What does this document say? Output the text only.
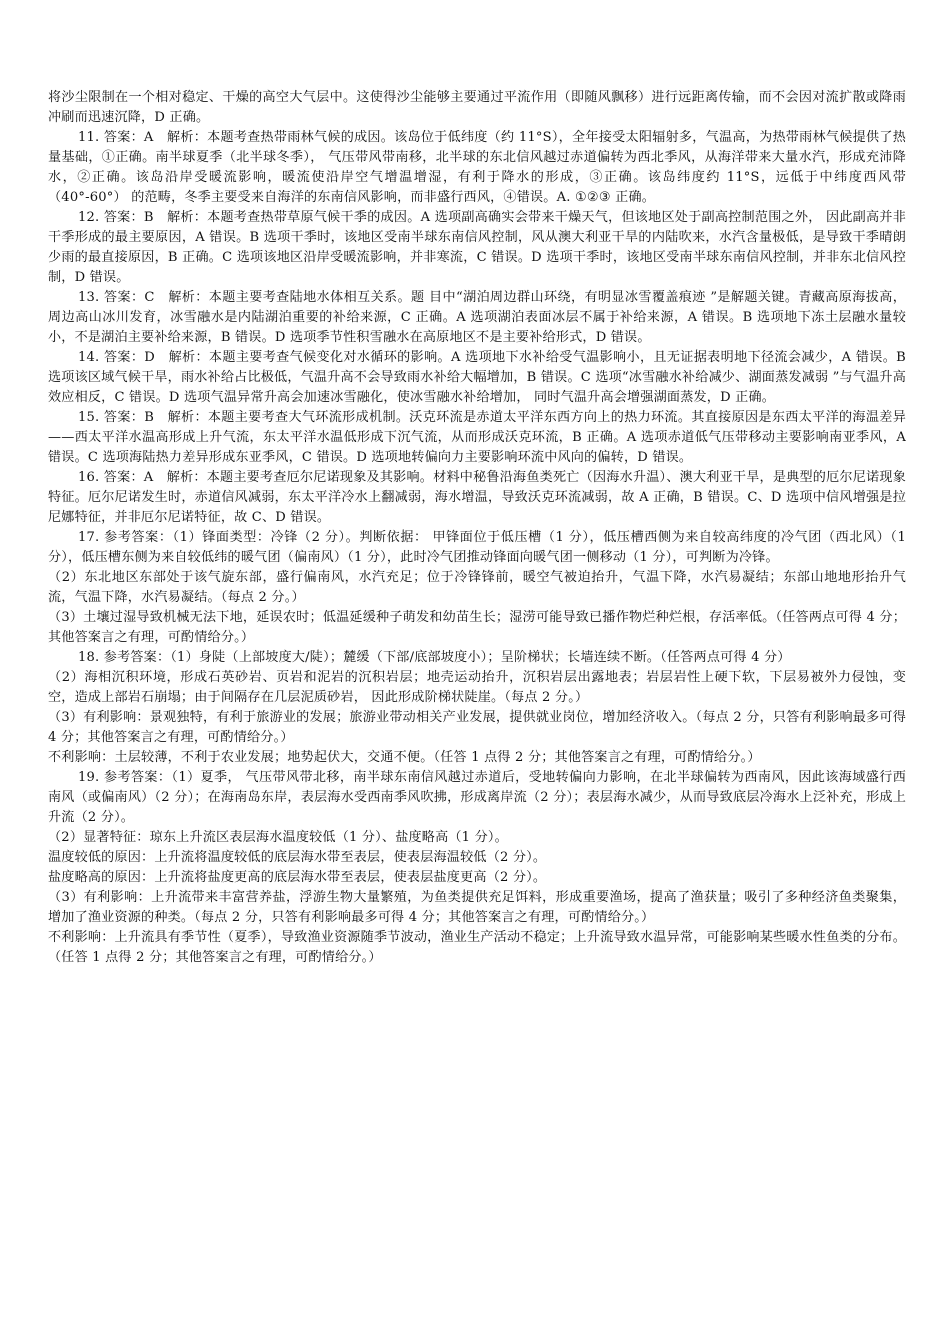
将沙尘限制在一个相对稳定、干燥的高空大气层中。这使得沙尘能够主要通过平流作用（即随风飘移）进行远距离传输，而不会因对流扩散或降雨冲刷而迅速沉降，D 正确。

11. 答案：A　解析：本题考查热带雨林气候的成因。该岛位于低纬度（约 11°S），全年接受太阳辐射多，气温高，为热带雨林气候提供了热量基础，①正确。南半球夏季（北半球冬季）， 气压带风带南移，北半球的东北信风越过赤道偏转为西北季风，从海洋带来大量水汽，形成充沛降水，②正确。该岛沿岸受暖流影响，暖流使沿岸空气增温增湿，有利于降水的形成，③正确。该岛纬度约 11°S，远低于中纬度西风带（40°-60°） 的范畴，冬季主要受来自海洋的东南信风影响，而非盛行西风，④错误。A. ①②③ 正确。

12. 答案：B　解析：本题考查热带草原气候干季的成因。A 选项副高确实会带来干燥天气，但该地区处于副高控制范围之外， 因此副高并非干季形成的最主要原因，A 错误。B 选项干季时，该地区受南半球东南信风控制，风从澳大利亚干旱的内陆吹来，水汽含量极低，是导致干季晴朗少雨的最直接原因，B 正确。C 选项该地区沿岸受暖流影响，并非寒流，C 错误。D 选项干季时，该地区受南半球东南信风控制，并非东北信风控制，D 错误。

13. 答案：C　解析：本题主要考查陆地水体相互关系。题 目中“湖泊周边群山环绕，有明显冰雪覆盖痕迹 ”是解题关键。青藏高原海拔高，周边高山冰川发育，冰雪融水是内陆湖泊重要的补给来源，C 正确。A 选项湖泊表面冰层不属于补给来源，A 错误。B 选项地下冻土层融水量较小，不是湖泊主要补给来源，B 错误。D 选项季节性积雪融水在高原地区不是主要补给形式，D 错误。

14. 答案：D　解析：本题主要考查气候变化对水循环的影响。A 选项地下水补给受气温影响小，且无证据表明地下径流会减少，A 错误。B 选项该区域气候干旱，雨水补给占比极低，气温升高不会导致雨水补给大幅增加，B 错误。C 选项“冰雪融水补给减少、湖面蒸发减弱 ”与气温升高效应相反，C 错误。D 选项气温异常升高会加速冰雪融化，使冰雪融水补给增加， 同时气温升高会增强湖面蒸发，D 正确。

15. 答案：B　解析：本题主要考查大气环流形成机制。沃克环流是赤道太平洋东西方向上的热力环流。其直接原因是东西太平洋的海温差异——西太平洋水温高形成上升气流，东太平洋水温低形成下沉气流，从而形成沃克环流，B 正确。A 选项赤道低气压带移动主要影响南亚季风，A 错误。C 选项海陆热力差异形成东亚季风，C 错误。D 选项地转偏向力主要影响环流中风向的偏转，D 错误。

16. 答案：A　解析：本题主要考查厄尔尼诺现象及其影响。材料中秘鲁沿海鱼类死亡（因海水升温）、澳大利亚干旱，是典型的厄尔尼诺现象特征。厄尔尼诺发生时，赤道信风减弱，东太平洋冷水上翻减弱，海水增温，导致沃克环流减弱，故 A 正确，B 错误。C、D 选项中信风增强是拉尼娜特征，并非厄尔尼诺特征，故 C、D 错误。

17. 参考答案：（1）锋面类型：冷锋（2 分）。判断依据： 甲锋面位于低压槽（1 分），低压槽西侧为来自较高纬度的冷气团（西北风）（1 分），低压槽东侧为来自较低纬的暖气团（偏南风）（1 分），此时冷气团推动锋面向暖气团一侧移动（1 分），可判断为冷锋。

（2）东北地区东部处于该气旋东部，盛行偏南风，水汽充足；位于冷锋锋前，暖空气被迫抬升，气温下降，水汽易凝结；东部山地地形抬升气流，气温下降，水汽易凝结。（每点 2 分。）

（3）土壤过湿导致机械无法下地，延误农时；低温延缓种子萌发和幼苗生长；湿涝可能导致已播作物烂种烂根，存活率低。（任答两点可得 4 分；其他答案言之有理，可酌情给分。）

18. 参考答案：（1）身陡（上部坡度大/陡）；麓缓（下部/底部坡度小）；呈阶梯状；长墙连续不断。（任答两点可得 4 分）

（2）海相沉积环境，形成石英砂岩、页岩和泥岩的沉积岩层；地壳运动抬升，沉积岩层出露地表；岩层岩性上硬下软，下层易被外力侵蚀，变空，造成上部岩石崩塌；由于间隔存在几层泥质砂岩， 因此形成阶梯状陡崖。（每点 2 分。）

（3）有利影响：景观独特，有利于旅游业的发展；旅游业带动相关产业发展，提供就业岗位，增加经济收入。（每点 2 分，只答有利影响最多可得 4 分；其他答案言之有理，可酌情给分。）

不利影响：土层较薄，不利于农业发展；地势起伏大，交通不便。（任答 1 点得 2 分；其他答案言之有理，可酌情给分。）

19. 参考答案：（1）夏季， 气压带风带北移，南半球东南信风越过赤道后，受地转偏向力影响，在北半球偏转为西南风，因此该海域盛行西南风（或偏南风）（2 分）；在海南岛东岸，表层海水受西南季风吹拂，形成离岸流（2 分）；表层海水减少，从而导致底层冷海水上泛补充，形成上升流（2 分）。

（2）显著特征：琼东上升流区表层海水温度较低（1 分）、盐度略高（1 分）。

温度较低的原因：上升流将温度较低的底层海水带至表层，使表层海温较低（2 分）。

盐度略高的原因：上升流将盐度更高的底层海水带至表层，使表层盐度更高（2 分）。

（3）有利影响：上升流带来丰富营养盐，浮游生物大量繁殖，为鱼类提供充足饵料，形成重要渔场，提高了渔获量；吸引了多种经济鱼类聚集，增加了渔业资源的种类。（每点 2 分，只答有利影响最多可得 4 分；其他答案言之有理，可酌情给分。）

不利影响：上升流具有季节性（夏季），导致渔业资源随季节波动，渔业生产活动不稳定；上升流导致水温异常，可能影响某些暖水性鱼类的分布。（任答 1 点得 2 分；其他答案言之有理，可酌情给分。）
